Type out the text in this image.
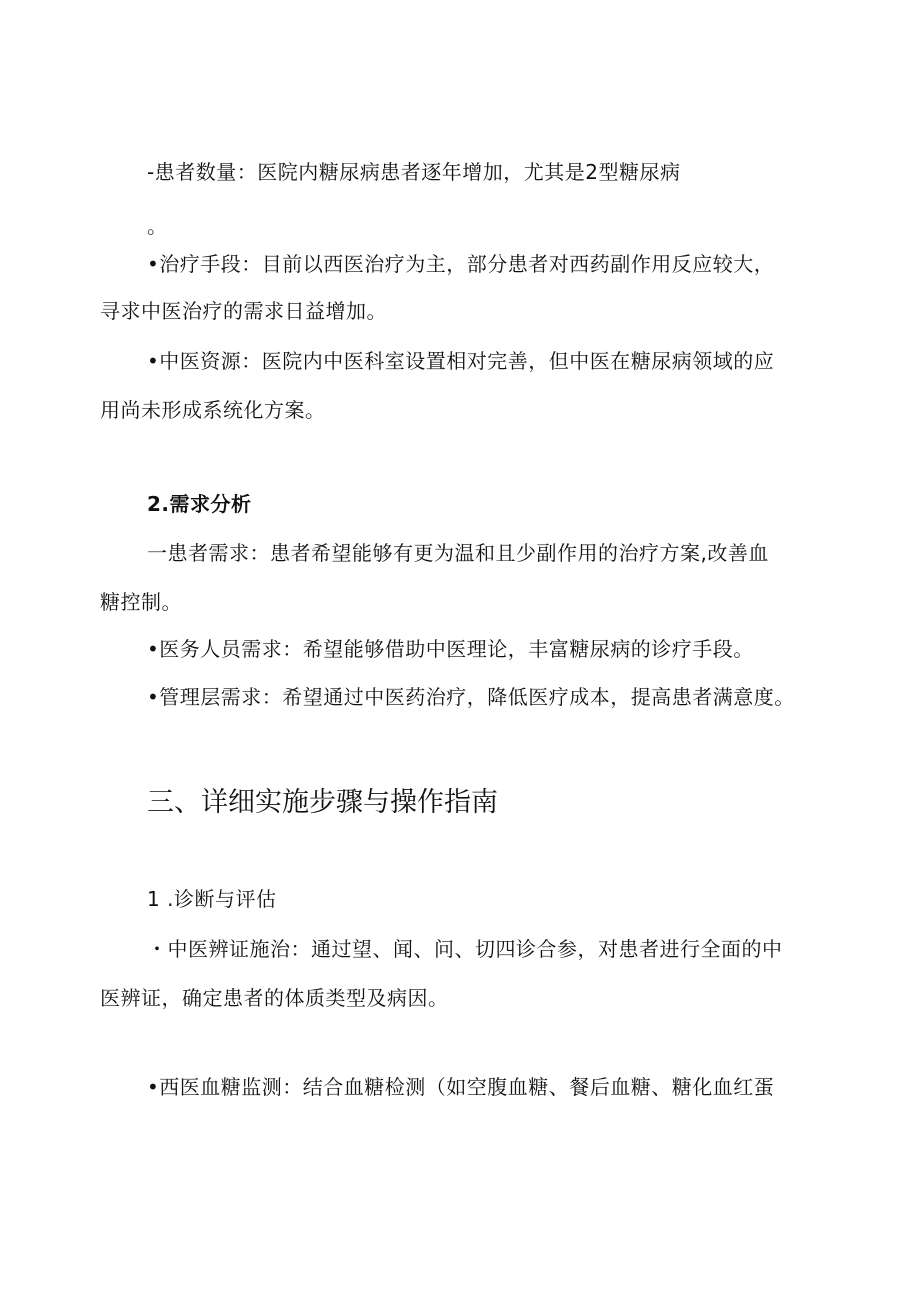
-患者数量：医院内糖尿病患者逐年增加，尤其是2型糖尿病
。
•治疗手段：目前以西医治疗为主，部分患者对西药副作用反应较大，
寻求中医治疗的需求日益增加。
•中医资源：医院内中医科室设置相对完善，但中医在糖尿病领域的应
用尚未形成系统化方案。
2.需求分析
一患者需求：患者希望能够有更为温和且少副作用的治疗方案,改善血
糖控制。
•医务人员需求：希望能够借助中医理论，丰富糖尿病的诊疗手段。
•管理层需求：希望通过中医药治疗，降低医疗成本，提高患者满意度。
三、详细实施步骤与操作指南
1 .诊断与评估
・中医辨证施治：通过望、闻、问、切四诊合参，对患者进行全面的中
医辨证，确定患者的体质类型及病因。
•西医血糖监测：结合血糖检测（如空腹血糖、餐后血糖、糖化血红蛋
